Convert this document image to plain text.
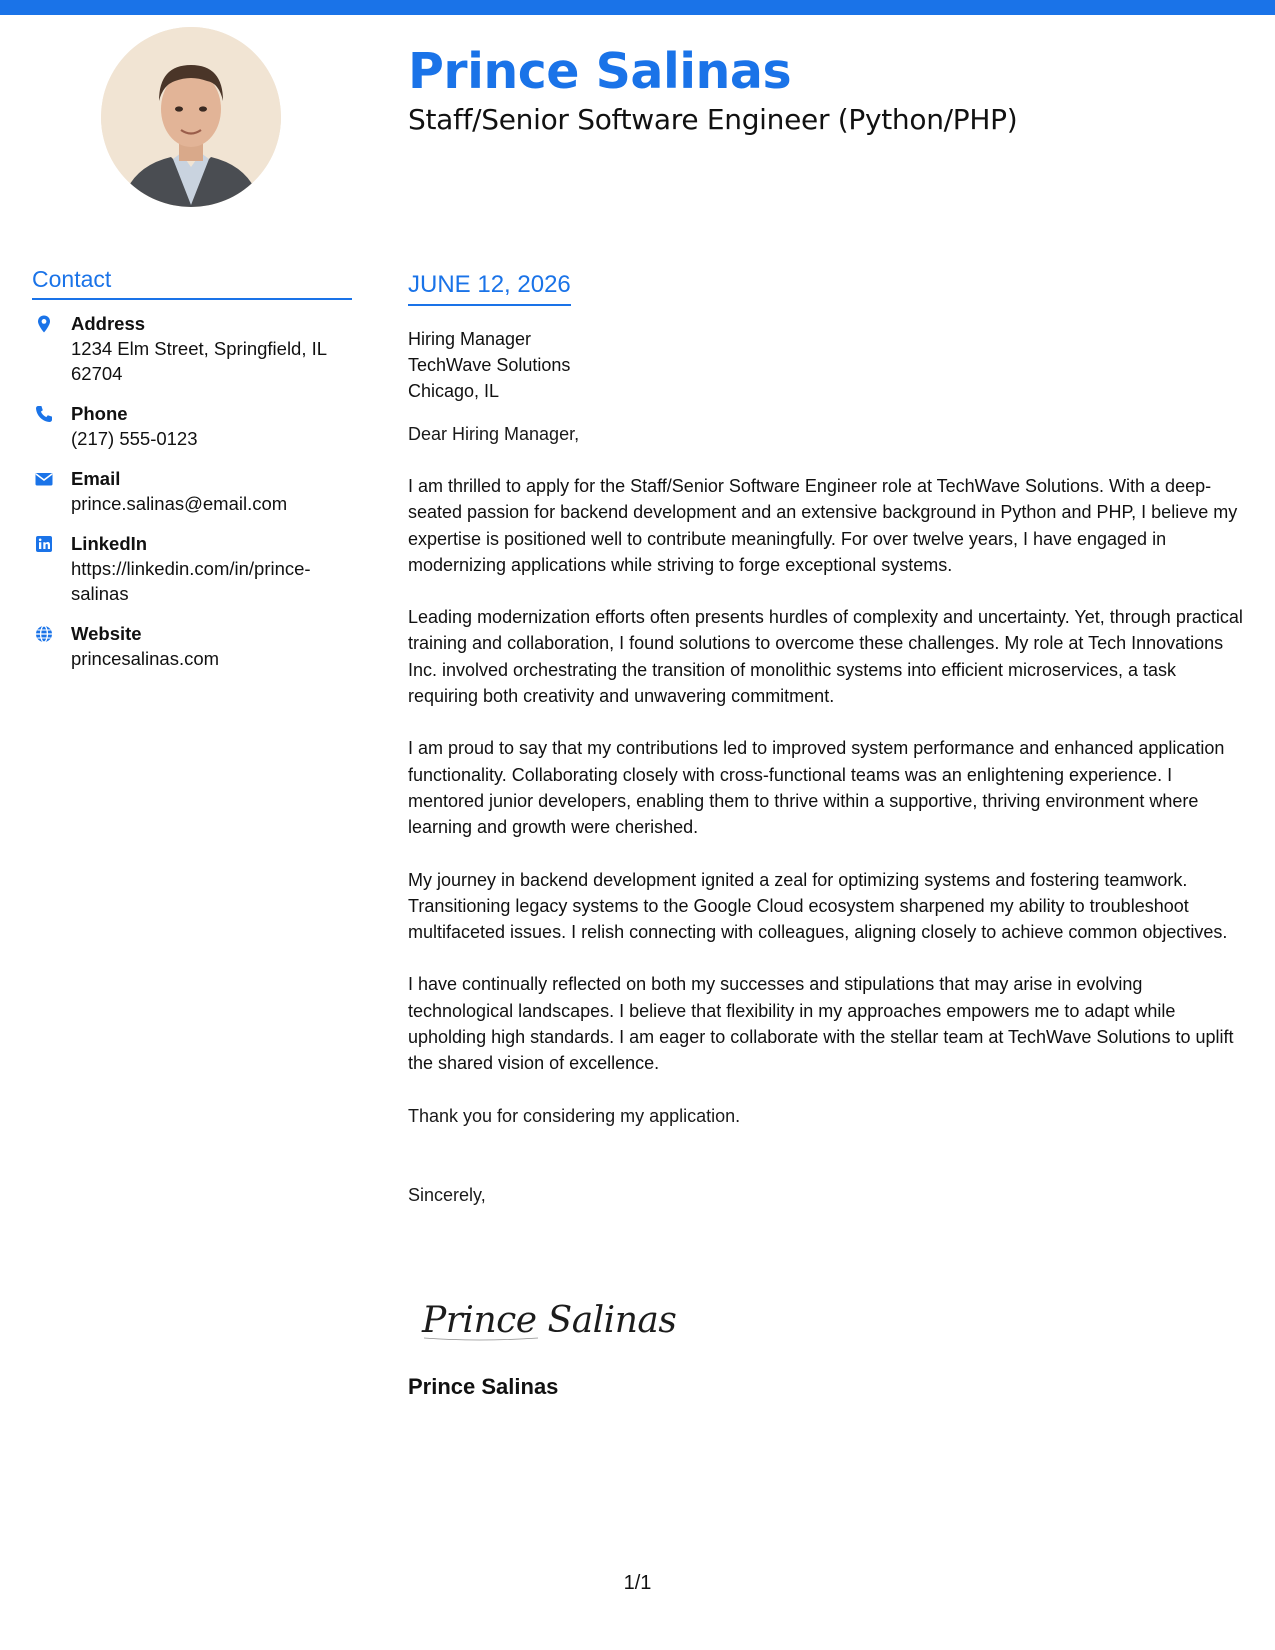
Prince Salinas
Staff/Senior Software Engineer (Python/PHP)
Contact
Address
1234 Elm Street, Springfield, IL 62704
Phone
(217) 555-0123
Email
prince.salinas@email.com
LinkedIn
https://linkedin.com/in/prince-salinas
Website
princesalinas.com
JUNE 12, 2026
Hiring Manager
TechWave Solutions
Chicago, IL
Dear Hiring Manager,

I am thrilled to apply for the Staff/Senior Software Engineer role at TechWave Solutions. With a deep-seated passion for backend development and an extensive background in Python and PHP, I believe my expertise is positioned well to contribute meaningfully. For over twelve years, I have engaged in modernizing applications while striving to forge exceptional systems.

Leading modernization efforts often presents hurdles of complexity and uncertainty. Yet, through practical training and collaboration, I found solutions to overcome these challenges. My role at Tech Innovations Inc. involved orchestrating the transition of monolithic systems into efficient microservices, a task requiring both creativity and unwavering commitment.

I am proud to say that my contributions led to improved system performance and enhanced application functionality. Collaborating closely with cross-functional teams was an enlightening experience. I mentored junior developers, enabling them to thrive within a supportive, thriving environment where learning and growth were cherished.

My journey in backend development ignited a zeal for optimizing systems and fostering teamwork. Transitioning legacy systems to the Google Cloud ecosystem sharpened my ability to troubleshoot multifaceted issues. I relish connecting with colleagues, aligning closely to achieve common objectives.

I have continually reflected on both my successes and stipulations that may arise in evolving technological landscapes. I believe that flexibility in my approaches empowers me to adapt while upholding high standards. I am eager to collaborate with the stellar team at TechWave Solutions to uplift the shared vision of excellence.

Thank you for considering my application.
Sincerely,
Prince Salinas
Prince Salinas
1/1
